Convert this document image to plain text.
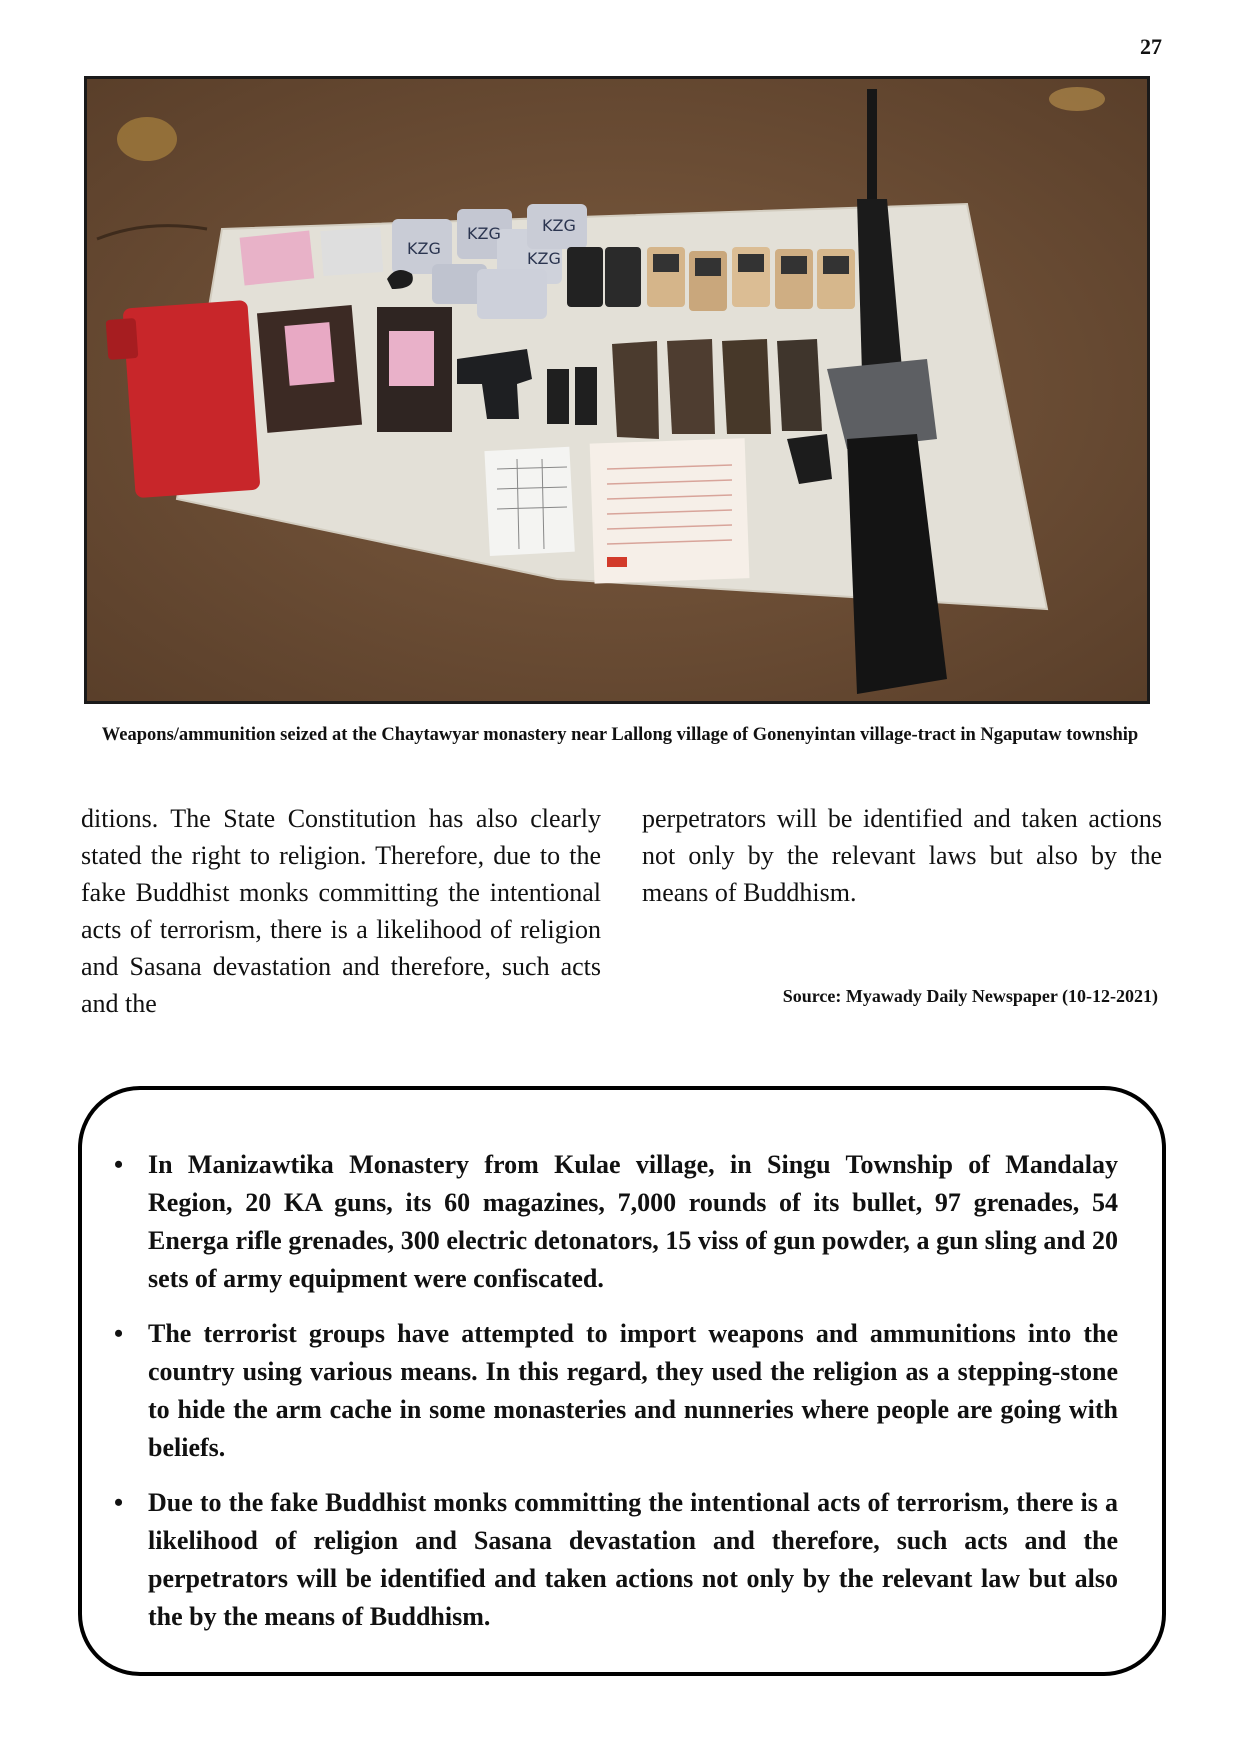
27
KZG
KZG
KZG
KZG
Weapons/ammunition seized at the Chaytawyar monastery near Lallong village of Gonenyintan village-tract in Ngaputaw township
ditions. The State Constitution has also clearly stated the right to religion. Therefore, due to the fake Buddhist monks committing the intentional acts of terrorism, there is a likelihood of religion and Sasana devastation and therefore, such acts and the
perpetrators will be identified and taken actions not only by the relevant laws but also by the means of Buddhism.
Source: Myawady Daily Newspaper (10-12-2021)
• In Manizawtika Monastery from Kulae village, in Singu Township of Mandalay Region, 20 KA guns, its 60 magazines, 7,000 rounds of its bullet, 97 grenades, 54 Energa rifle grenades, 300 electric detonators, 15 viss of gun powder, a gun sling and 20 sets of army equipment were confiscated.
• The terrorist groups have attempted to import weapons and ammunitions into the country using various means. In this regard, they used the religion as a stepping-stone to hide the arm cache in some monasteries and nunneries where people are going with beliefs.
• Due to the fake Buddhist monks committing the intentional acts of terrorism, there is a likelihood of religion and Sasana devastation and therefore, such acts and the perpetrators will be identified and taken actions not only by the relevant law but also the by the means of Buddhism.
